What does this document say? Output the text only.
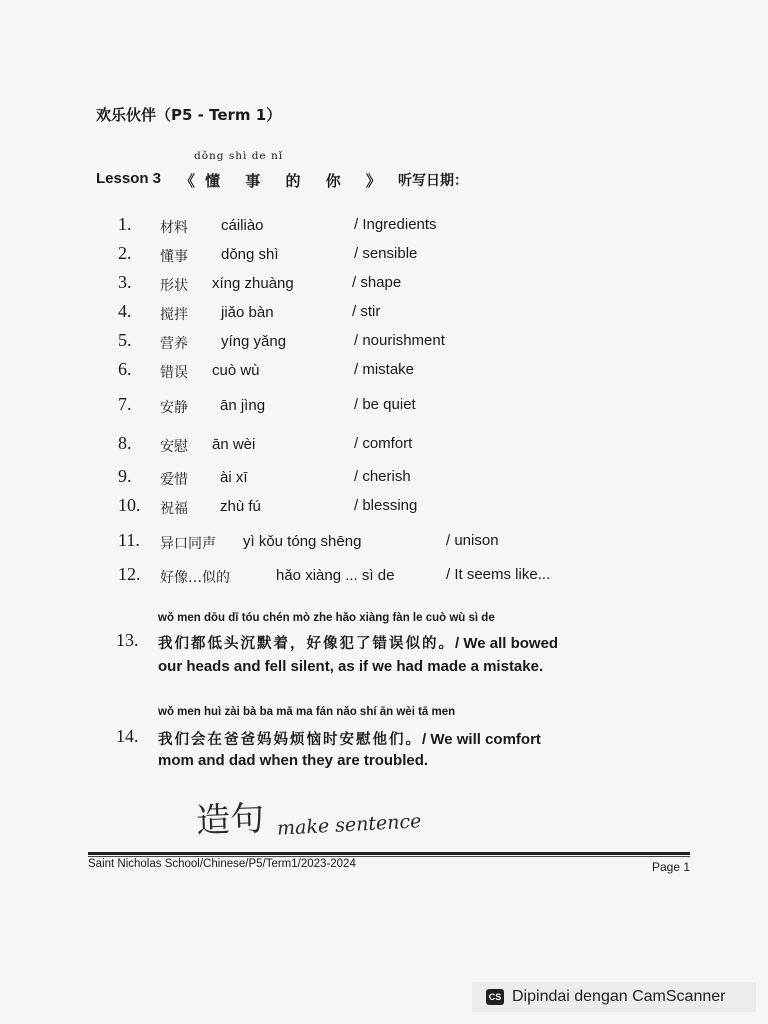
欢乐伙伴（P5 - Term 1）
Lesson 3
dǒng shì de nǐ
《懂 事 的 你 》 听写日期：
1. 材料 cáiliào	/ Ingredients
2. 懂事 dǒng shì	/ sensible
3. 形状 xíng zhuàng	/ shape
4. 搅拌 jiǎo bàn	/ stir
5. 营养 yíng yǎng	/ nourishment
6. 错误 cuò wù	/ mistake
7. 安静 ān jìng	/ be quiet
8. 安慰 ān wèi	/ comfort
9. 爱惜 ài xī	/ cherish
10. 祝福 zhù fú	/ blessing
11. 异口同声 yì kǒu tóng shēng	/ unison
12. 好像…似的	hǎo xiàng ... sì de	/ It seems like...
wǒ men dōu dī tóu chén mò zhe hǎo xiàng fàn le cuò wù sì de
13. 我们都低头沉默着，好像犯了错误似的。/ We all bowed
our heads and fell silent, as if we had made a mistake.
wǒ men huì zài bà ba mā ma fán nǎo shí ān wèi tā men
14. 我们会在爸爸妈妈烦恼时安慰他们。/ We will comfort
mom and dad when they are troubled.
造句 make sentence
Saint Nicholas School/Chinese/P5/Term1/2023-2024	Page 1
CS Dipindai dengan CamScanner
